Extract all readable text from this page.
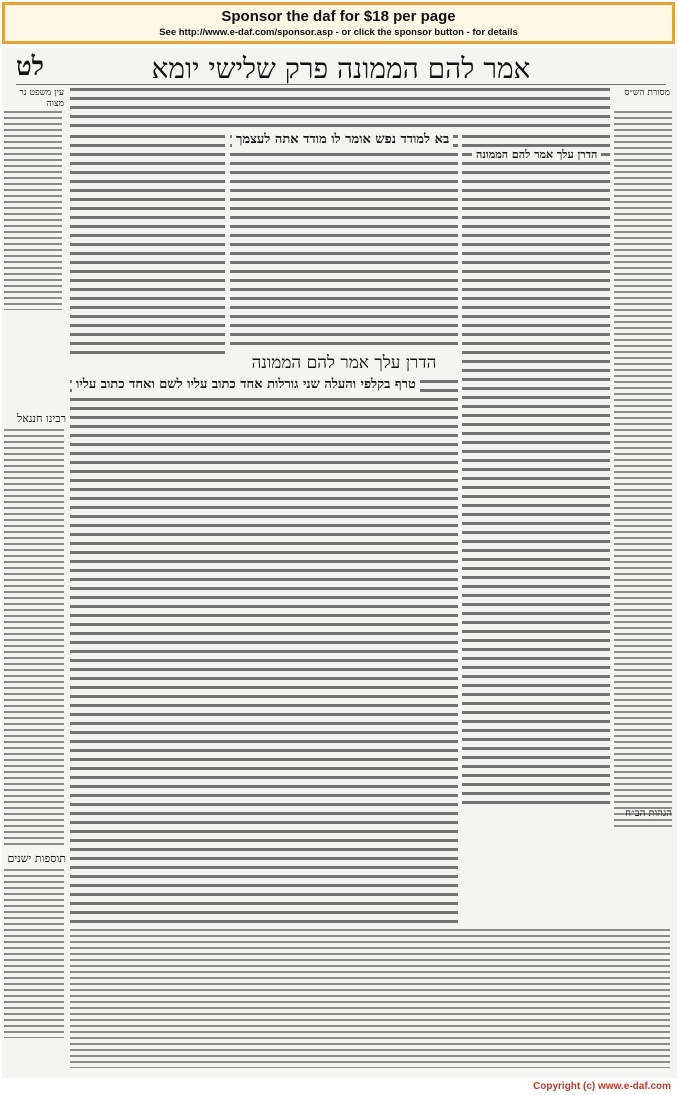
Sponsor the daf for $18 per page
See http://www.e-daf.com/sponsor.asp - or click the sponsor button - for details
אמר להם הממונה פרק שלישי יומא
לט
עין משפט נר מצוה
מסורת הש״ס
רבינו חננאל
תוספות ישנים
הגהות הב״ח
בא למודד נפש אומר לו מודד אתה לעצמך
הדרן עלך אמר להם הממונה
הדרן עלך אמר להם הממונה
טרף בקלפי והעלה שני גורלות אחד כתוב עליו לשם ואחד כתוב עליו
Copyright (c) www.e-daf.com
